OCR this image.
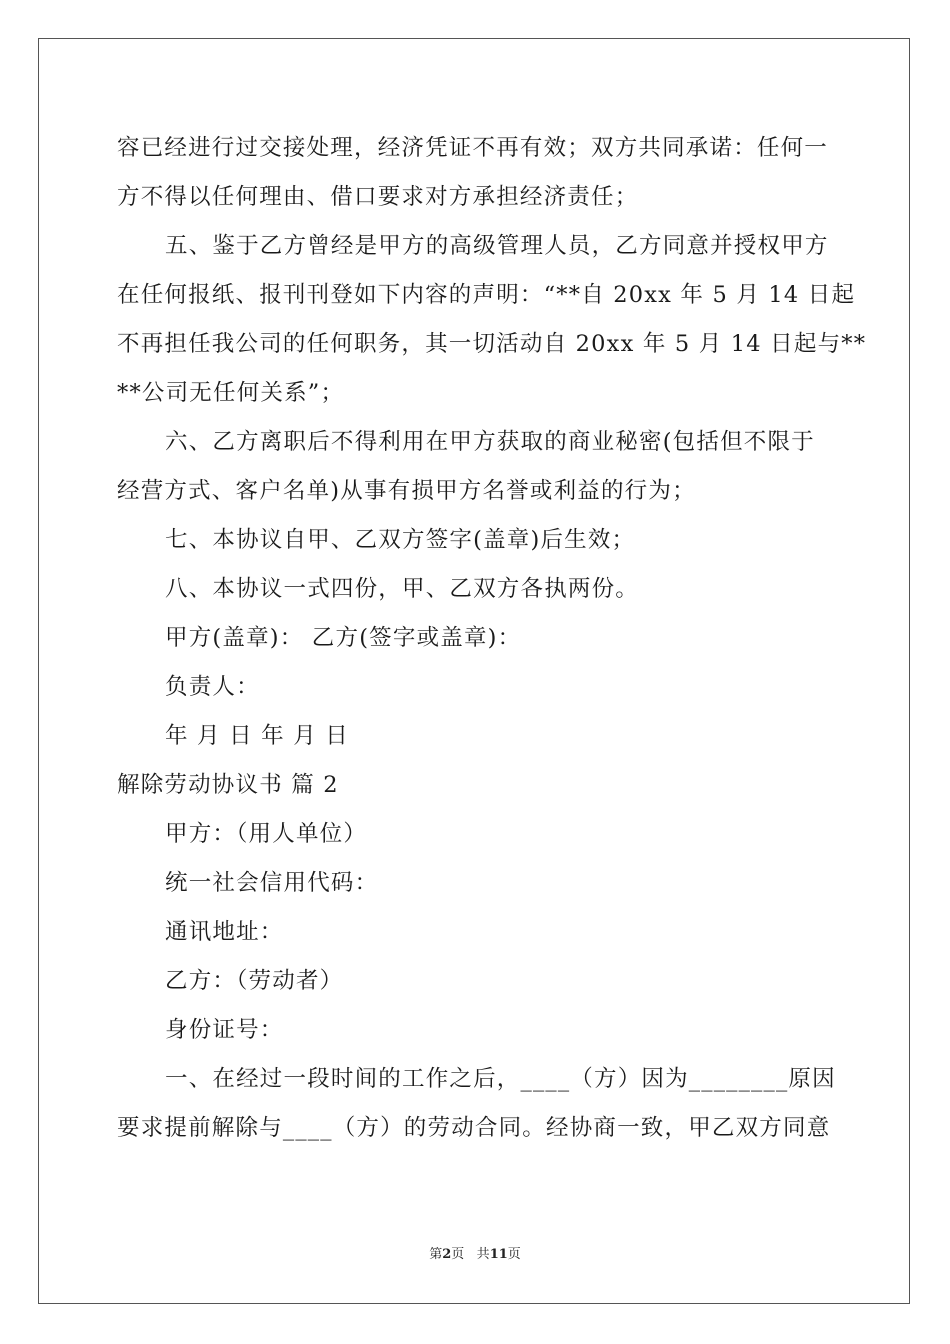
容已经进行过交接处理，经济凭证不再有效；双方共同承诺：任何一
方不得以任何理由、借口要求对方承担经济责任；
五、鉴于乙方曾经是甲方的高级管理人员，乙方同意并授权甲方
在任何报纸、报刊刊登如下内容的声明：“**自 20xx 年 5 月 14 日起
不再担任我公司的任何职务，其一切活动自 20xx 年 5 月 14 日起与**
**公司无任何关系”；
六、乙方离职后不得利用在甲方获取的商业秘密(包括但不限于
经营方式、客户名单)从事有损甲方名誉或利益的行为；
七、本协议自甲、乙双方签字(盖章)后生效；
八、本协议一式四份，甲、乙双方各执两份。
甲方(盖章)： 乙方(签字或盖章)：
负责人：
年 月 日 年 月 日
解除劳动协议书 篇 2
甲方：（用人单位）
统一社会信用代码：
通讯地址：
乙方：（劳动者）
身份证号：
一、在经过一段时间的工作之后，____（方）因为________原因
要求提前解除与____（方）的劳动合同。经协商一致，甲乙双方同意
第2页 共11页
